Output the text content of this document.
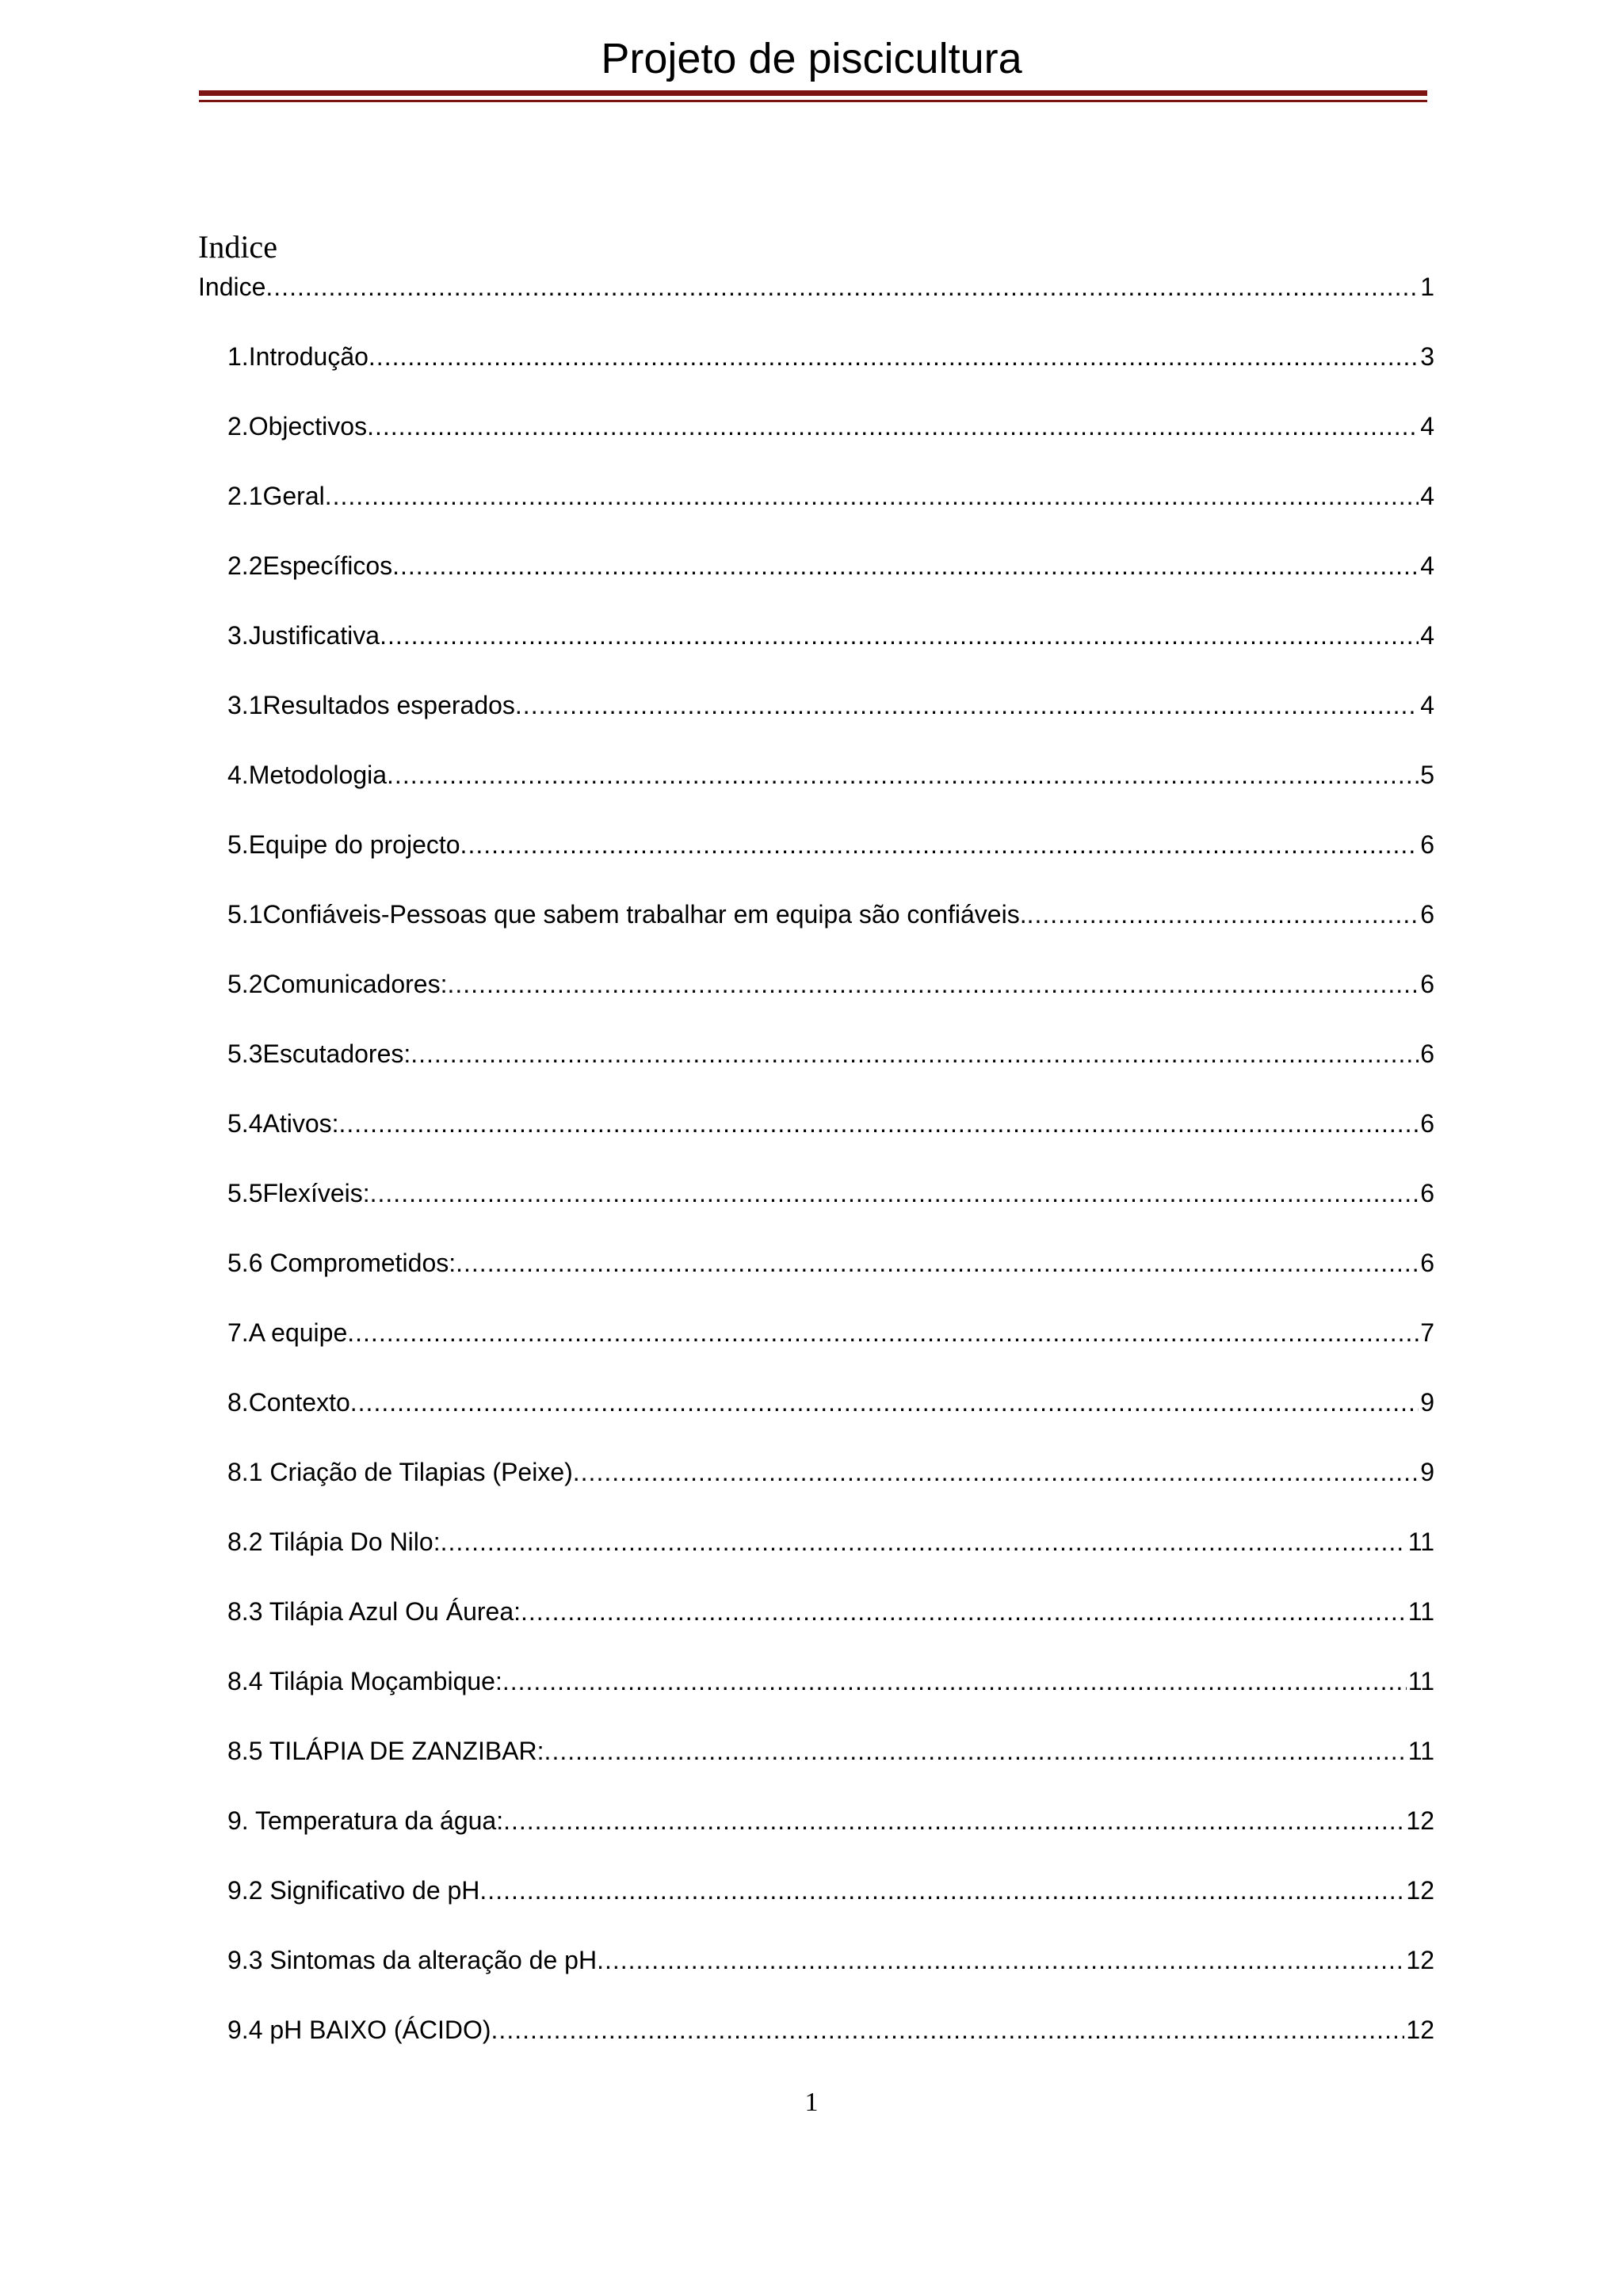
Projeto de piscicultura
Indice
Indice .....	1
1.Introdução .....	3
2.Objectivos .....	4
2.1Geral .....	4
2.2Específicos .....	4
3.Justificativa .....	4
3.1Resultados esperados .....	4
4.Metodologia .....	5
5.Equipe do projecto .....	6
5.1Confiáveis-Pessoas que sabem trabalhar em equipa são confiáveis. .....	6
5.2Comunicadores: .....	6
5.3Escutadores: .....	6
5.4Ativos: .....	6
5.5Flexíveis: .....	6
5.6 Comprometidos: .....	6
7.A equipe .....	7
8.Contexto .....	9
8.1 Criação de Tilapias (Peixe) .....	9
8.2 Tilápia Do Nilo: .....	11
8.3 Tilápia Azul Ou Áurea: .....	11
8.4 Tilápia Moçambique: .....	11
8.5 TILÁPIA DE ZANZIBAR: .....	11
9. Temperatura da água: .....	12
9.2 Significativo de pH .....	12
9.3 Sintomas da alteração de pH .....	12
9.4 pH BAIXO (ÁCIDO) .....	12
1
